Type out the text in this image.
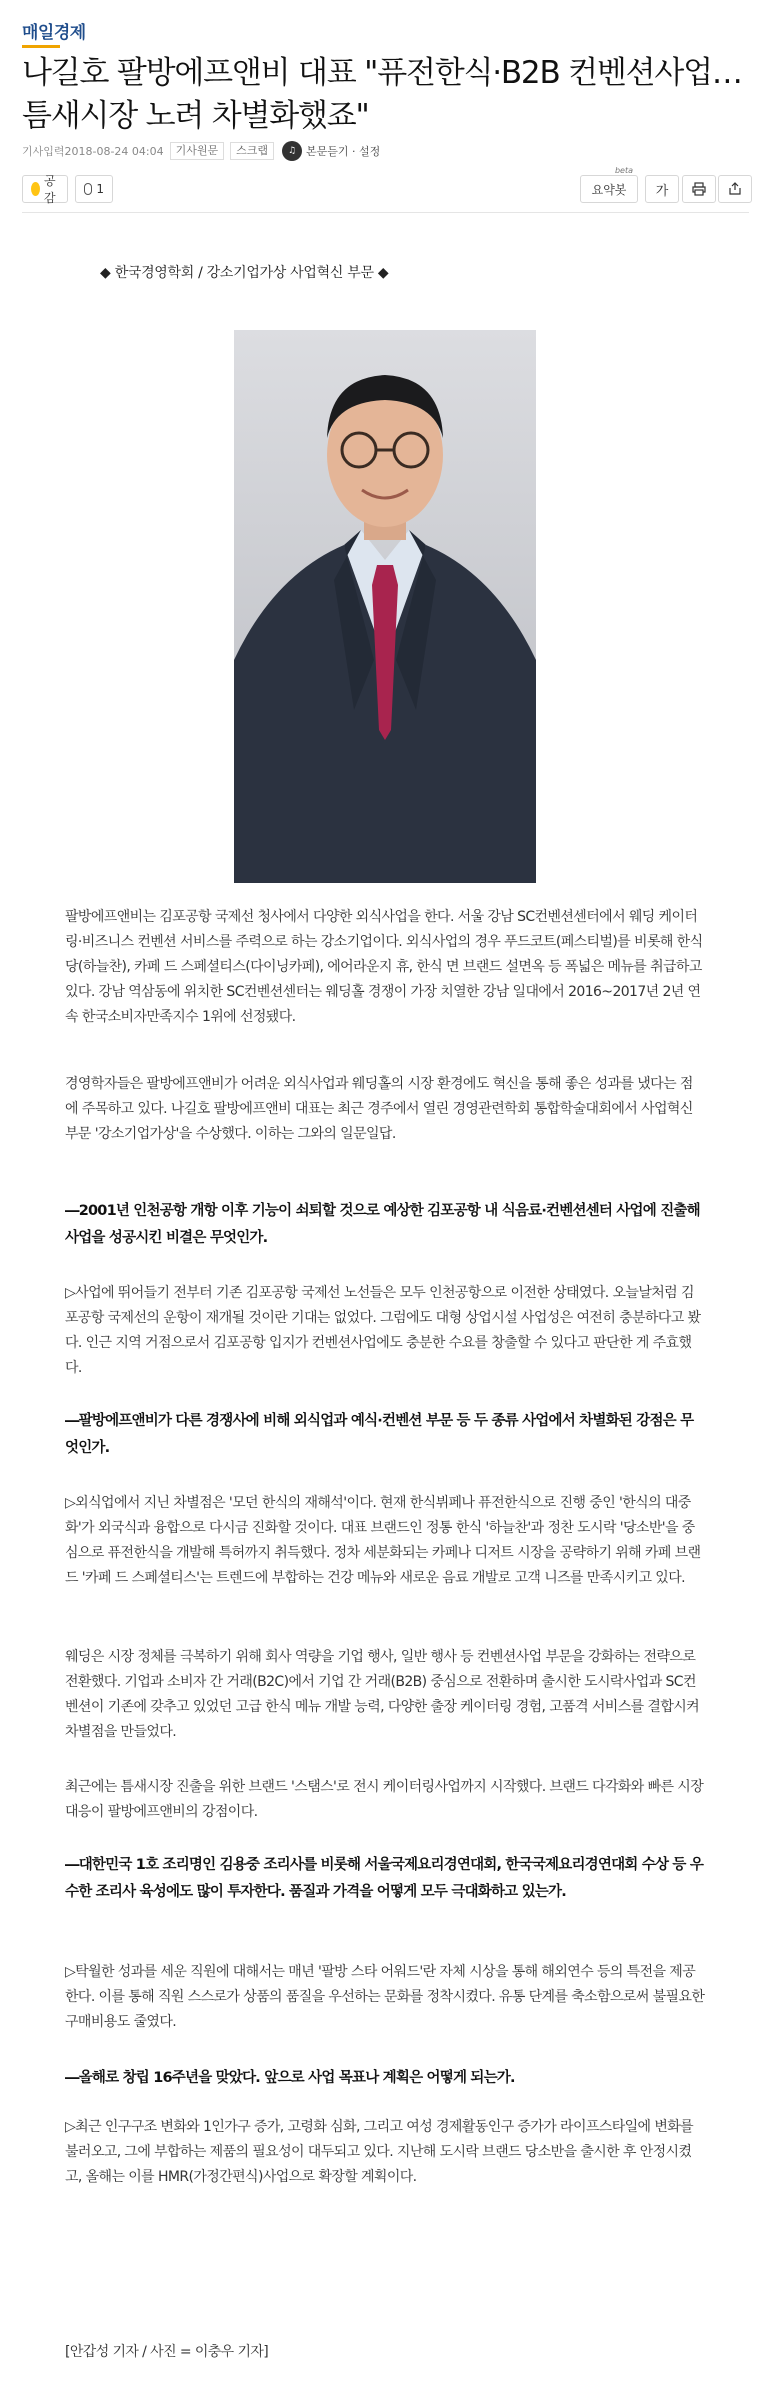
매일경제
나길호 팔방에프앤비 대표 "퓨전한식·B2B 컨벤션사업…틈새시장 노려 차별화했죠"
기사입력2018-08-24 04:04	기사원문	스크랩	♫ 본문듣기 · 설정
공감
1
beta
요약봇 가
◆ 한국경영학회 / 강소기업가상 사업혁신 부문 ◆
팔방에프앤비는 김포공항 국제선 청사에서 다양한 외식사업을 한다. 서울 강남 SC컨벤션센터에서 웨딩 케이터링·비즈니스 컨벤션 서비스를 주력으로 하는 강소기업이다. 외식사업의 경우 푸드코트(페스티벌)를 비롯해 한식당(하늘찬), 카페 드 스페셜티스(다이닝카페), 에어라운지 휴, 한식 면 브랜드 설면옥 등 폭넓은 메뉴를 취급하고 있다. 강남 역삼동에 위치한 SC컨벤션센터는 웨딩홀 경쟁이 가장 치열한 강남 일대에서 2016~2017년 2년 연속 한국소비자만족지수 1위에 선정됐다.
경영학자들은 팔방에프앤비가 어려운 외식사업과 웨딩홀의 시장 환경에도 혁신을 통해 좋은 성과를 냈다는 점에 주목하고 있다. 나길호 팔방에프앤비 대표는 최근 경주에서 열린 경영관련학회 통합학술대회에서 사업혁신 부문 '강소기업가상'을 수상했다. 이하는 그와의 일문일답.
―2001년 인천공항 개항 이후 기능이 쇠퇴할 것으로 예상한 김포공항 내 식음료·컨벤션센터 사업에 진출해 사업을 성공시킨 비결은 무엇인가.
▷사업에 뛰어들기 전부터 기존 김포공항 국제선 노선들은 모두 인천공항으로 이전한 상태였다. 오늘날처럼 김포공항 국제선의 운항이 재개될 것이란 기대는 없었다. 그럼에도 대형 상업시설 사업성은 여전히 충분하다고 봤다. 인근 지역 거점으로서 김포공항 입지가 컨벤션사업에도 충분한 수요를 창출할 수 있다고 판단한 게 주효했다.
―팔방에프앤비가 다른 경쟁사에 비해 외식업과 예식·컨벤션 부문 등 두 종류 사업에서 차별화된 강점은 무엇인가.
▷외식업에서 지닌 차별점은 '모던 한식의 재해석'이다. 현재 한식뷔페나 퓨전한식으로 진행 중인 '한식의 대중화'가 외국식과 융합으로 다시금 진화할 것이다. 대표 브랜드인 정통 한식 '하늘찬'과 정찬 도시락 '당소반'을 중심으로 퓨전한식을 개발해 특허까지 취득했다. 정차 세분화되는 카페나 디저트 시장을 공략하기 위해 카페 브랜드 '카페 드 스페셜티스'는 트렌드에 부합하는 건강 메뉴와 새로운 음료 개발로 고객 니즈를 만족시키고 있다.
웨딩은 시장 정체를 극복하기 위해 회사 역량을 기업 행사, 일반 행사 등 컨벤션사업 부문을 강화하는 전략으로 전환했다. 기업과 소비자 간 거래(B2C)에서 기업 간 거래(B2B) 중심으로 전환하며 출시한 도시락사업과 SC컨벤션이 기존에 갖추고 있었던 고급 한식 메뉴 개발 능력, 다양한 출장 케이터링 경험, 고품격 서비스를 결합시켜 차별점을 만들었다.
최근에는 틈새시장 진출을 위한 브랜드 '스탬스'로 전시 케이터링사업까지 시작했다. 브랜드 다각화와 빠른 시장 대응이 팔방에프앤비의 강점이다.
―대한민국 1호 조리명인 김용중 조리사를 비롯해 서울국제요리경연대회, 한국국제요리경연대회 수상 등 우수한 조리사 육성에도 많이 투자한다. 품질과 가격을 어떻게 모두 극대화하고 있는가.
▷탁월한 성과를 세운 직원에 대해서는 매년 '팔방 스타 어워드'란 자체 시상을 통해 해외연수 등의 특전을 제공한다. 이를 통해 직원 스스로가 상품의 품질을 우선하는 문화를 정착시켰다. 유통 단계를 축소함으로써 불필요한 구매비용도 줄였다.
―올해로 창립 16주년을 맞았다. 앞으로 사업 목표나 계획은 어떻게 되는가.
▷최근 인구구조 변화와 1인가구 증가, 고령화 심화, 그리고 여성 경제활동인구 증가가 라이프스타일에 변화를 불러오고, 그에 부합하는 제품의 필요성이 대두되고 있다. 지난해 도시락 브랜드 당소반을 출시한 후 안정시켰고, 올해는 이를 HMR(가정간편식)사업으로 확장할 계획이다.
[안갑성 기자 / 사진 = 이충우 기자]
